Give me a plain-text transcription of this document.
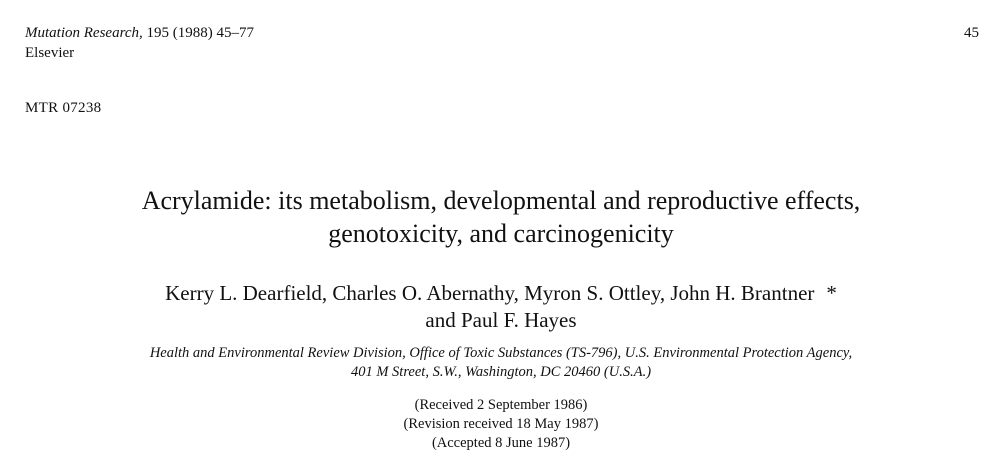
Mutation Research, 195 (1988) 45–77
Elsevier
45
MTR 07238
Acrylamide: its metabolism, developmental and reproductive effects,
genotoxicity, and carcinogenicity
Kerry L. Dearfield, Charles O. Abernathy, Myron S. Ottley, John H. Brantner *
and Paul F. Hayes
Health and Environmental Review Division, Office of Toxic Substances (TS-796), U.S. Environmental Protection Agency,
401 M Street, S.W., Washington, DC 20460 (U.S.A.)
(Received 2 September 1986)
(Revision received 18 May 1987)
(Accepted 8 June 1987)
